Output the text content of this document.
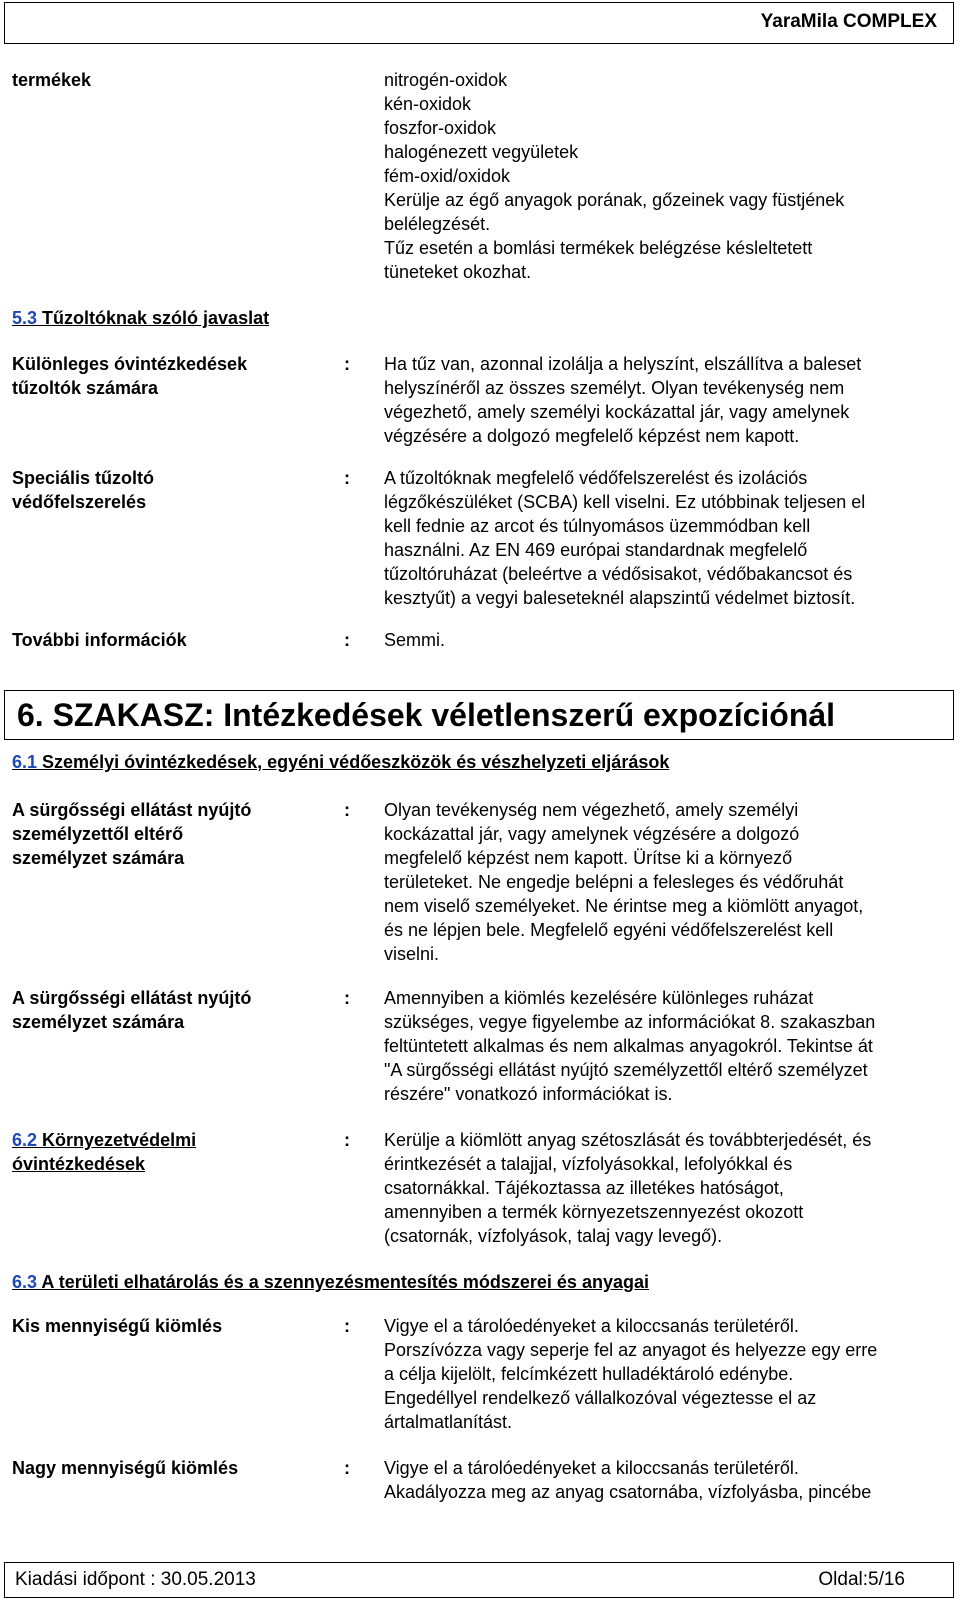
YaraMila COMPLEX
termékek	nitrogén-oxidok
kén-oxidok
foszfor-oxidok
halogénezett vegyületek
fém-oxid/oxidok
Kerülje az égő anyagok porának, gőzeinek vagy füstjének
belélegzését.
Tűz esetén a bomlási termékek belégzése késleltetett
tüneteket okozhat.
5.3 Tűzoltóknak szóló javaslat
Különleges óvintézkedések
tűzoltók számára
: Ha tűz van, azonnal izolálja a helyszínt, elszállítva a baleset
helyszínéről az összes személyt. Olyan tevékenység nem
végezhető, amely személyi kockázattal jár, vagy amelynek
végzésére a dolgozó megfelelő képzést nem kapott.
Speciális tűzoltó
védőfelszerelés
: A tűzoltóknak megfelelő védőfelszerelést és izolációs
légzőkészüléket (SCBA) kell viselni. Ez utóbbinak teljesen el
kell fednie az arcot és túlnyomásos üzemmódban kell
használni. Az EN 469 európai standardnak megfelelő
tűzoltóruházat (beleértve a védősisakot, védőbakancsot és
kesztyűt) a vegyi baleseteknél alapszintű védelmet biztosít.
További információk	: Semmi.
6. SZAKASZ: Intézkedések véletlenszerű expozíciónál
6.1 Személyi óvintézkedések, egyéni védőeszközök és vészhelyzeti eljárások
A sürgősségi ellátást nyújtó
személyzettől eltérő
személyzet számára
: Olyan tevékenység nem végezhető, amely személyi
kockázattal jár, vagy amelynek végzésére a dolgozó
megfelelő képzést nem kapott. Ürítse ki a környező
területeket. Ne engedje belépni a felesleges és védőruhát
nem viselő személyeket. Ne érintse meg a kiömlött anyagot,
és ne lépjen bele. Megfelelő egyéni védőfelszerelést kell
viselni.
A sürgősségi ellátást nyújtó
személyzet számára
: Amennyiben a kiömlés kezelésére különleges ruházat
szükséges, vegye figyelembe az információkat 8. szakaszban
feltüntetett alkalmas és nem alkalmas anyagokról. Tekintse át
"A sürgősségi ellátást nyújtó személyzettől eltérő személyzet
részére" vonatkozó információkat is.
6.2 Környezetvédelmi
óvintézkedések
: Kerülje a kiömlött anyag szétoszlását és továbbterjedését, és
érintkezését a talajjal, vízfolyásokkal, lefolyókkal és
csatornákkal. Tájékoztassa az illetékes hatóságot,
amennyiben a termék környezetszennyezést okozott
(csatornák, vízfolyások, talaj vagy levegő).
6.3 A területi elhatárolás és a szennyezésmentesítés módszerei és anyagai
Kis mennyiségű kiömlés	: Vigye el a tárolóedényeket a kiloccsanás területéről.
Porszívózza vagy seperje fel az anyagot és helyezze egy erre
a célja kijelölt, felcímkézett hulladéktároló edénybe.
Engedéllyel rendelkező vállalkozóval végeztesse el az
ártalmatlanítást.
Nagy mennyiségű kiömlés	: Vigye el a tárolóedényeket a kiloccsanás területéről.
Akadályozza meg az anyag csatornába, vízfolyásba, pincébe
Kiadási időpont : 30.05.2013	Oldal:5/16
